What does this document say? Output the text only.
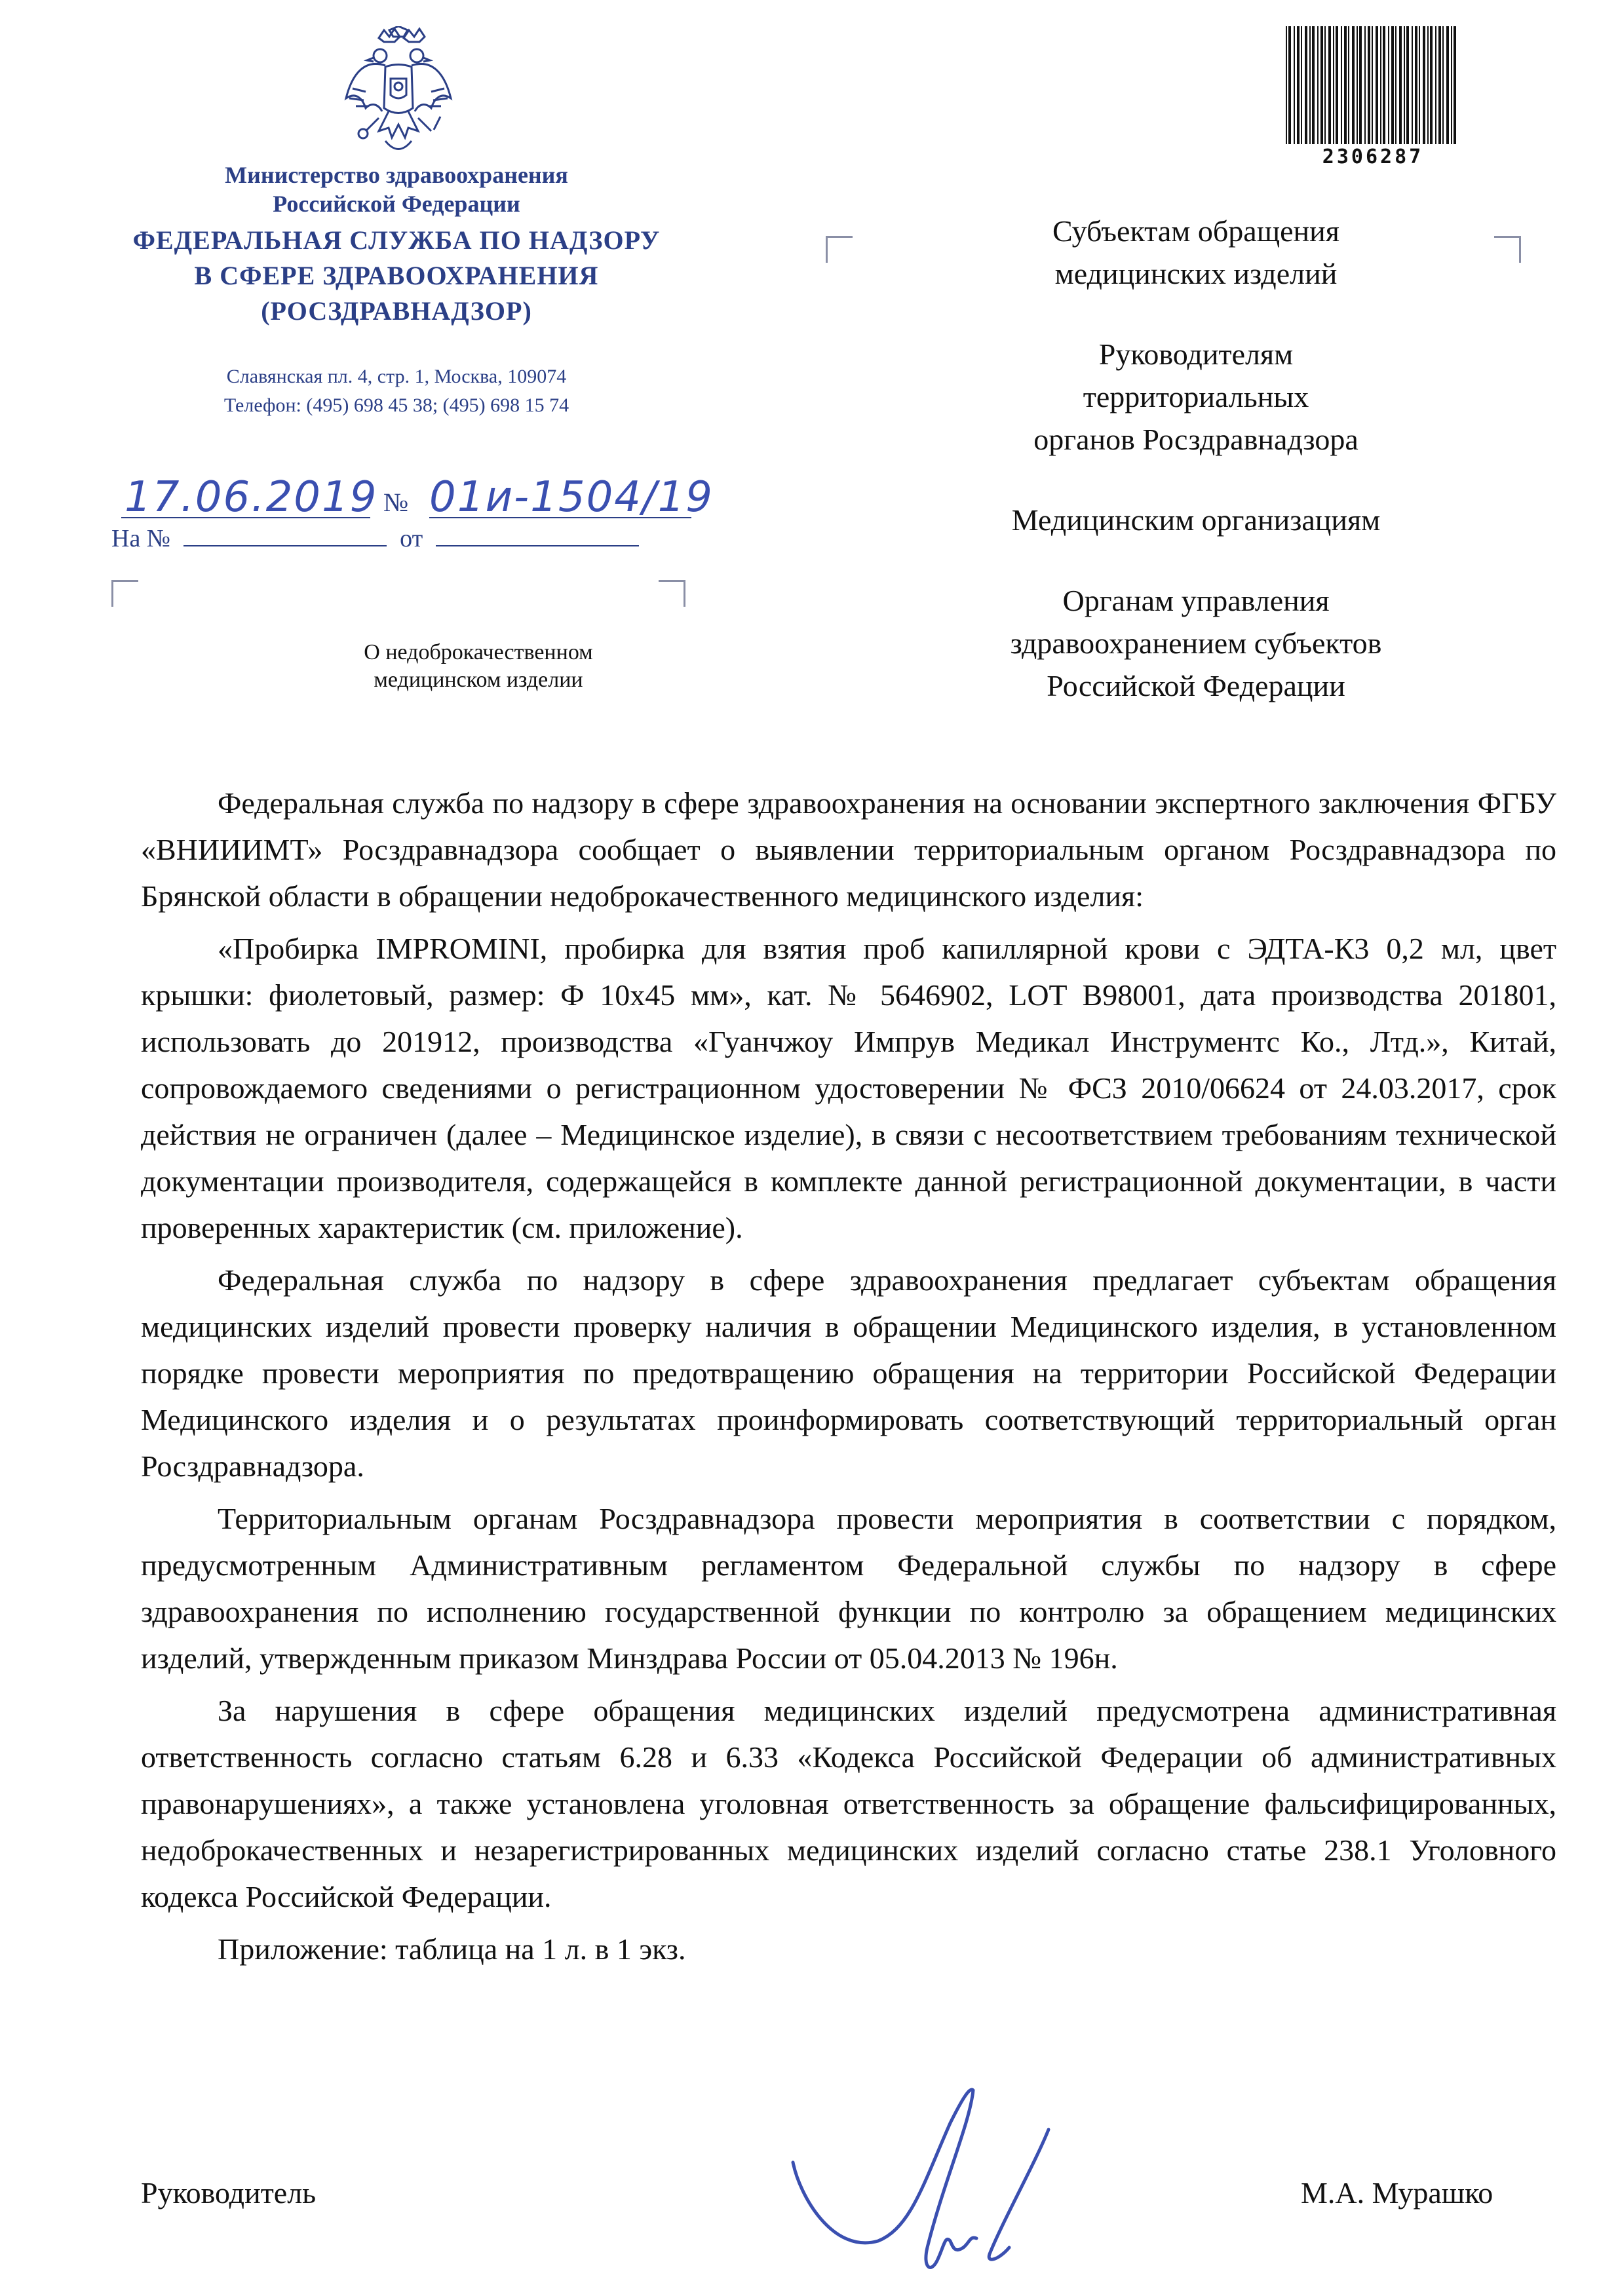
Министерство здравоохранения
Российской Федерации
ФЕДЕРАЛЬНАЯ СЛУЖБА ПО НАДЗОРУ
В СФЕРЕ ЗДРАВООХРАНЕНИЯ
(РОСЗДРАВНАДЗОР)
Славянская пл. 4, стр. 1, Москва, 109074
Телефон: (495) 698 45 38; (495) 698 15 74
17.06.2019 № 01и-1504/19
На №	от
О недоброкачественном
медицинском изделии
2306287

Субъектам обращения
медицинских изделий

Руководителям
территориальных
органов Росздравнадзора

Медицинским организациям

Органам управления
здравоохранением субъектов
Российской Федерации

Федеральная служба по надзору в сфере здравоохранения на основании экспертного заключения ФГБУ «ВНИИИМТ» Росздравнадзора сообщает о выявлении территориальным органом Росздравнадзора по Брянской области в обращении недоброкачественного медицинского изделия:

«Пробирка IMPROMINI, пробирка для взятия проб капиллярной крови с ЭДТА-К3 0,2 мл, цвет крышки: фиолетовый, размер: Ф 10х45 мм», кат. № 5646902, LOT B98001, дата производства 201801, использовать до 201912, производства «Гуанчжоу Импрув Медикал Инструментс Ко., Лтд.», Китай, сопровождаемого сведениями о регистрационном удостоверении № ФСЗ 2010/06624 от 24.03.2017, срок действия не ограничен (далее – Медицинское изделие), в связи с несоответствием требованиям технической документации производителя, содержащейся в комплекте данной регистрационной документации, в части проверенных характеристик (см. приложение).

Федеральная служба по надзору в сфере здравоохранения предлагает субъектам обращения медицинских изделий провести проверку наличия в обращении Медицинского изделия, в установленном порядке провести мероприятия по предотвращению обращения на территории Российской Федерации Медицинского изделия и о результатах проинформировать соответствующий территориальный орган Росздравнадзора.

Территориальным органам Росздравнадзора провести мероприятия в соответствии с порядком, предусмотренным Административным регламентом Федеральной службы по надзору в сфере здравоохранения по исполнению государственной функции по контролю за обращением медицинских изделий, утвержденным приказом Минздрава России от 05.04.2013 № 196н.

За нарушения в сфере обращения медицинских изделий предусмотрена административная ответственность согласно статьям 6.28 и 6.33 «Кодекса Российской Федерации об административных правонарушениях», а также установлена уголовная ответственность за обращение фальсифицированных, недоброкачественных и незарегистрированных медицинских изделий согласно статье 238.1 Уголовного кодекса Российской Федерации.

Приложение: таблица на 1 л. в 1 экз.

Руководитель	М.А. Мурашко
